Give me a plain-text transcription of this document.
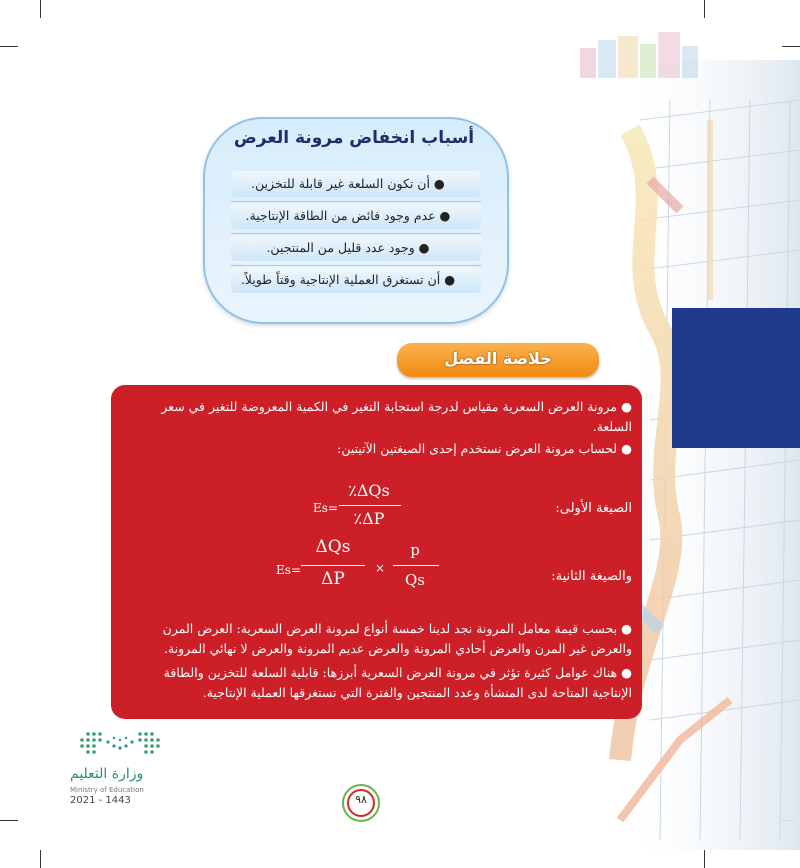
● أن تكون السلعة غير قابلة للتخزين.
● عدم وجود فائض من الطاقة الإنتاجية.
● وجود عدد قليل من المنتجين.
● أن تستغرق العملية الإنتاجية وقتاً طويلاً.
أسباب انخفاض مرونة العرض
خلاصة الفصل
● مرونة العرض السعرية مقياس لدرجة استجابة التغير في الكمية المعروضة للتغير في سعر
السلعة.
● لحساب مرونة العرض نستخدم إحدى الصيغتين الآتيتين:
الصيغة الأولى:
Es=
٪ΔQs
٪ΔP
والصيغة الثانية:
Es=
ΔQs
ΔP
×
p
Qs
● بحسب قيمة معامل المرونة نجد لدينا خمسة أنواع لمرونة العرض السعرية: العرض المرن
والعرض غير المرن والعرض أحادي المرونة والعرض عديم المرونة والعرض لا نهائي المرونة.
● هناك عوامل كثيرة تؤثر في مرونة العرض السعرية أبرزها: قابلية السلعة للتخزين والطاقة
الإنتاجية المتاحة لدى المنشأة وعدد المنتجين والفترة التي تستغرقها العملية الإنتاجية.
وزارة التعليم
Ministry of Education
2021 - 1443	٩٨
